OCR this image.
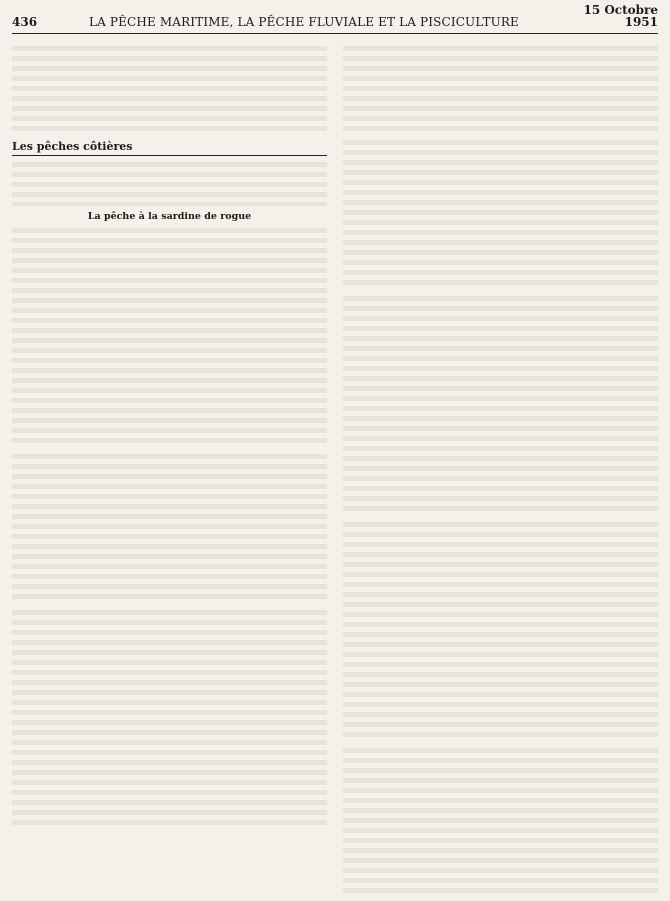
436	LA PÊCHE MARITIME, LA PÊCHE FLUVIALE ET LA PISCICULTURE
15 Octobre 1951
Les pêches côtières
La pêche à la sardine de rogue
